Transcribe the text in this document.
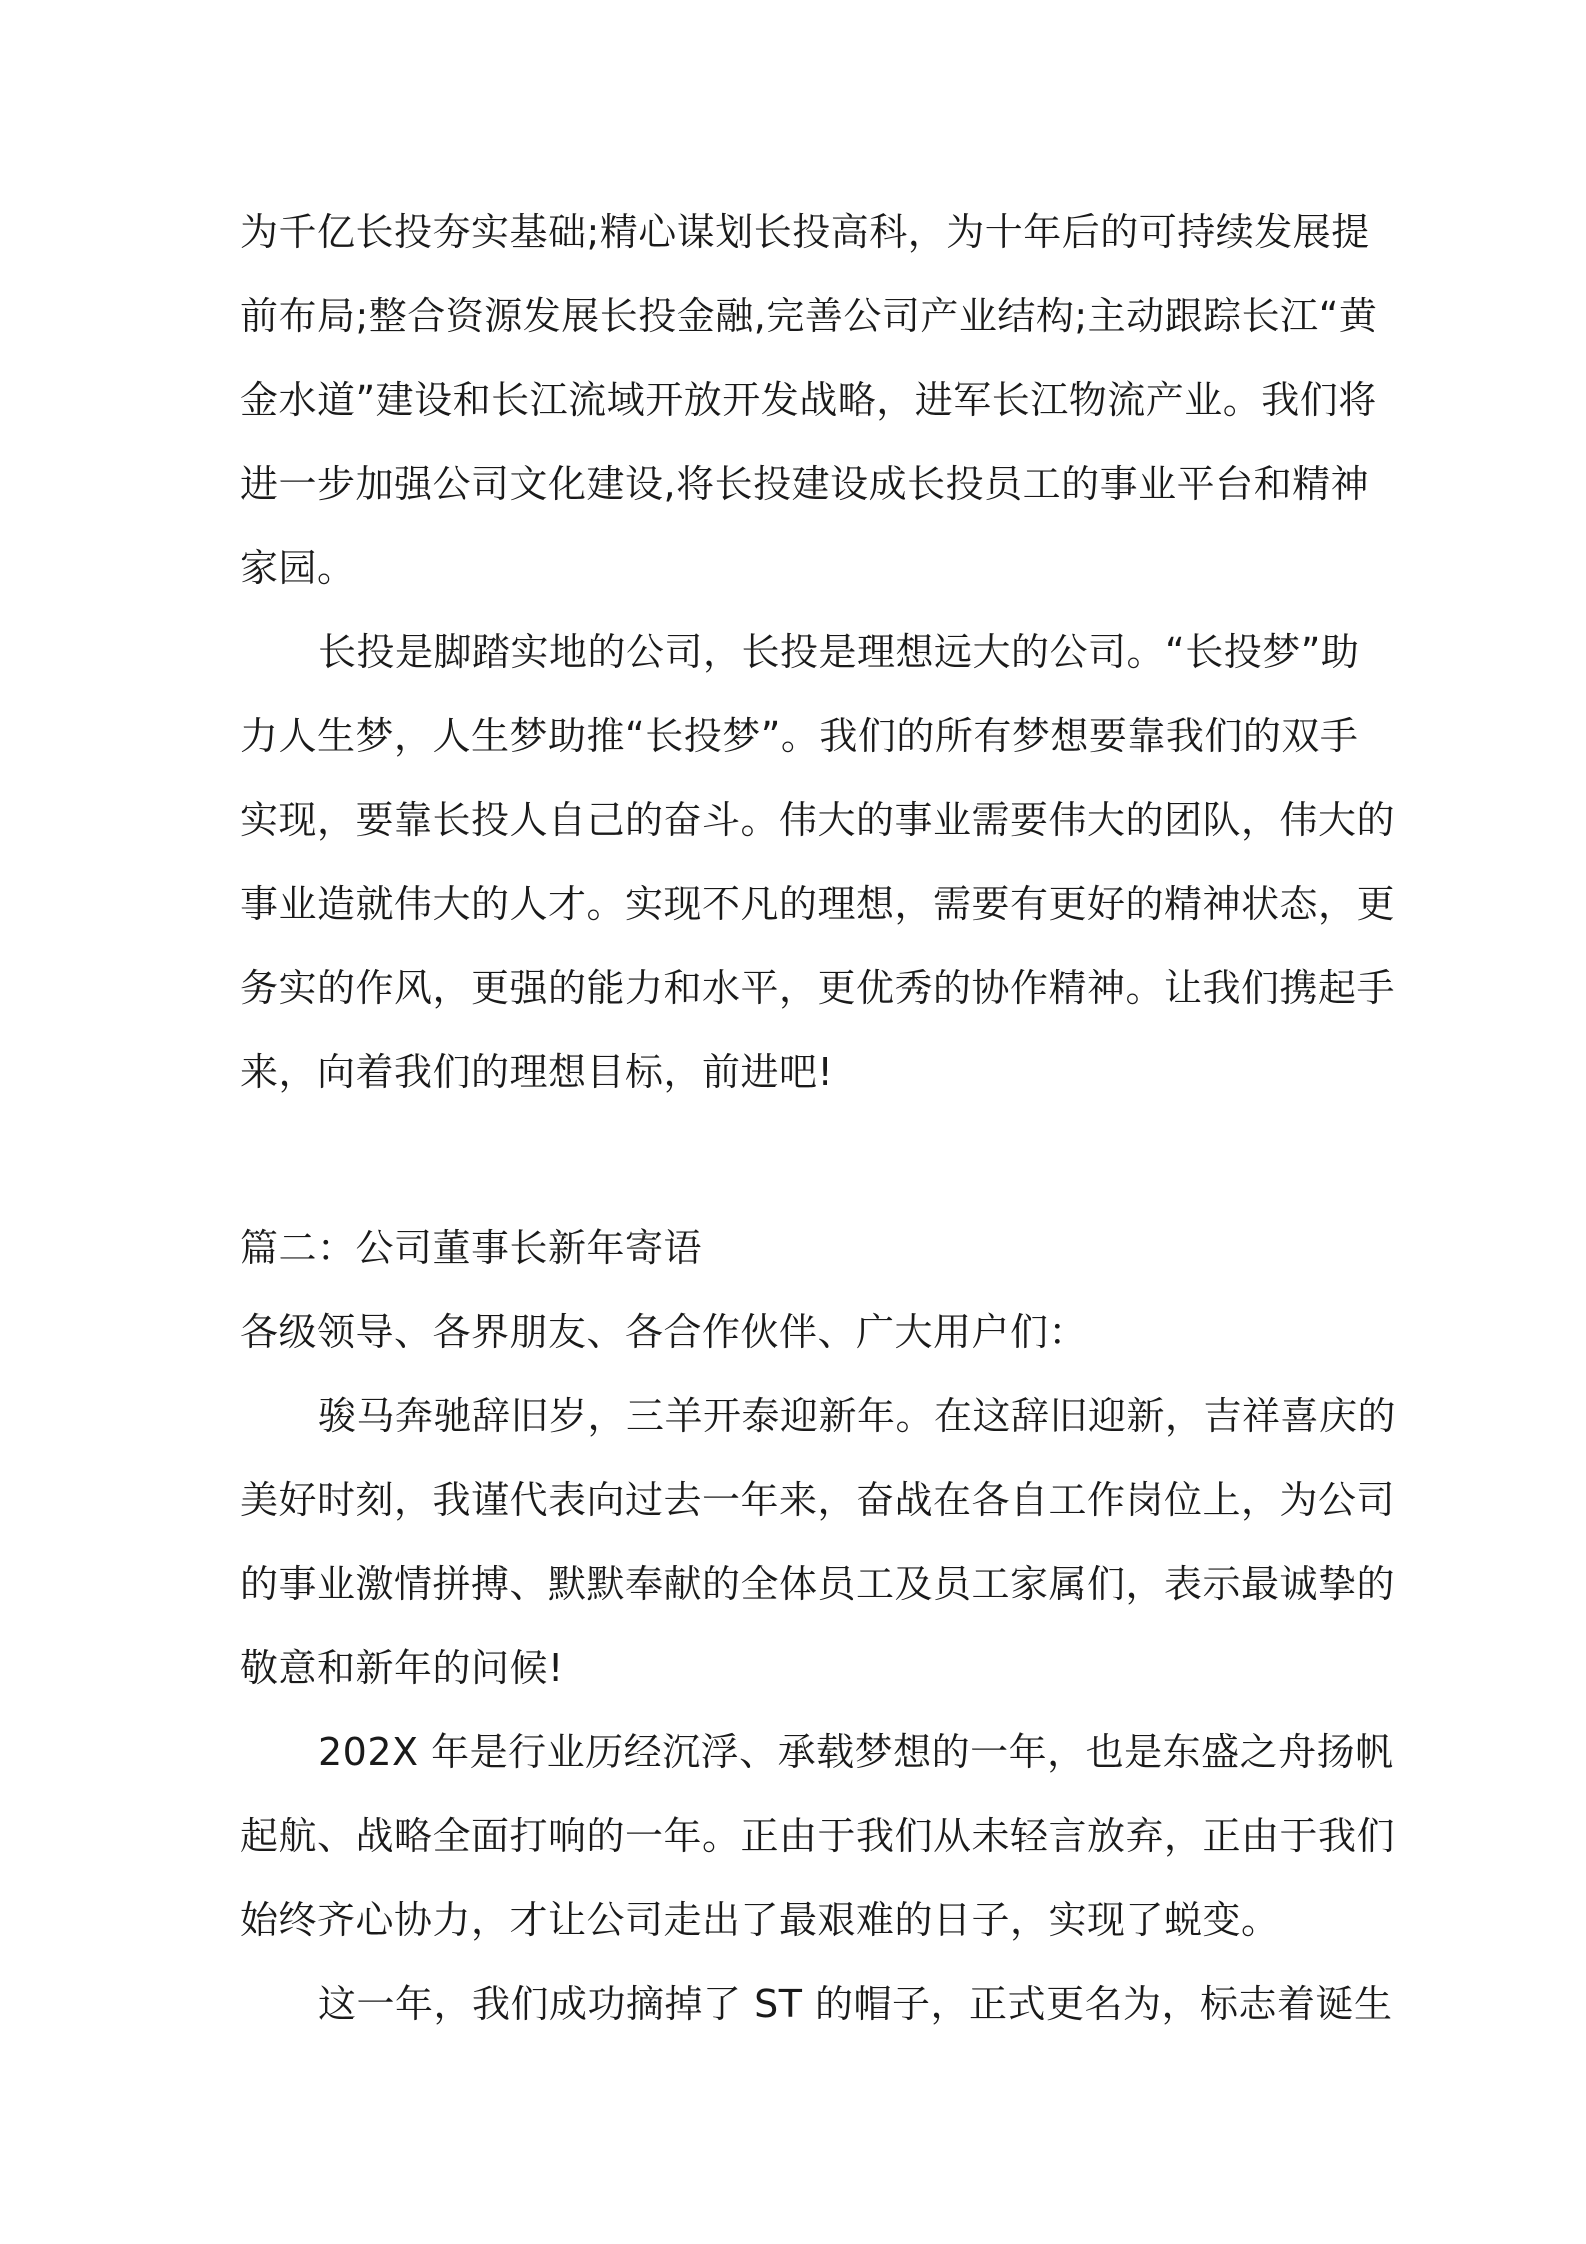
为千亿长投夯实基础;精心谋划长投高科，为十年后的可持续发展提
前布局;整合资源发展长投金融,完善公司产业结构;主动跟踪长江“黄
金水道”建设和长江流域开放开发战略，进军长江物流产业。我们将
进一步加强公司文化建设,将长投建设成长投员工的事业平台和精神
家园。
长投是脚踏实地的公司，长投是理想远大的公司。“长投梦”助
力人生梦，人生梦助推“长投梦”。我们的所有梦想要靠我们的双手
实现，要靠长投人自己的奋斗。伟大的事业需要伟大的团队，伟大的
事业造就伟大的人才。实现不凡的理想，需要有更好的精神状态，更
务实的作风，更强的能力和水平，更优秀的协作精神。让我们携起手
来，向着我们的理想目标，前进吧!
篇二：公司董事长新年寄语
各级领导、各界朋友、各合作伙伴、广大用户们：
骏马奔驰辞旧岁，三羊开泰迎新年。在这辞旧迎新，吉祥喜庆的
美好时刻，我谨代表向过去一年来，奋战在各自工作岗位上，为公司
的事业激情拼搏、默默奉献的全体员工及员工家属们，表示最诚挚的
敬意和新年的问候!
202X 年是行业历经沉浮、承载梦想的一年，也是东盛之舟扬帆
起航、战略全面打响的一年。正由于我们从未轻言放弃，正由于我们
始终齐心协力，才让公司走出了最艰难的日子，实现了蜕变。
这一年，我们成功摘掉了 ST 的帽子，正式更名为，标志着诞生
